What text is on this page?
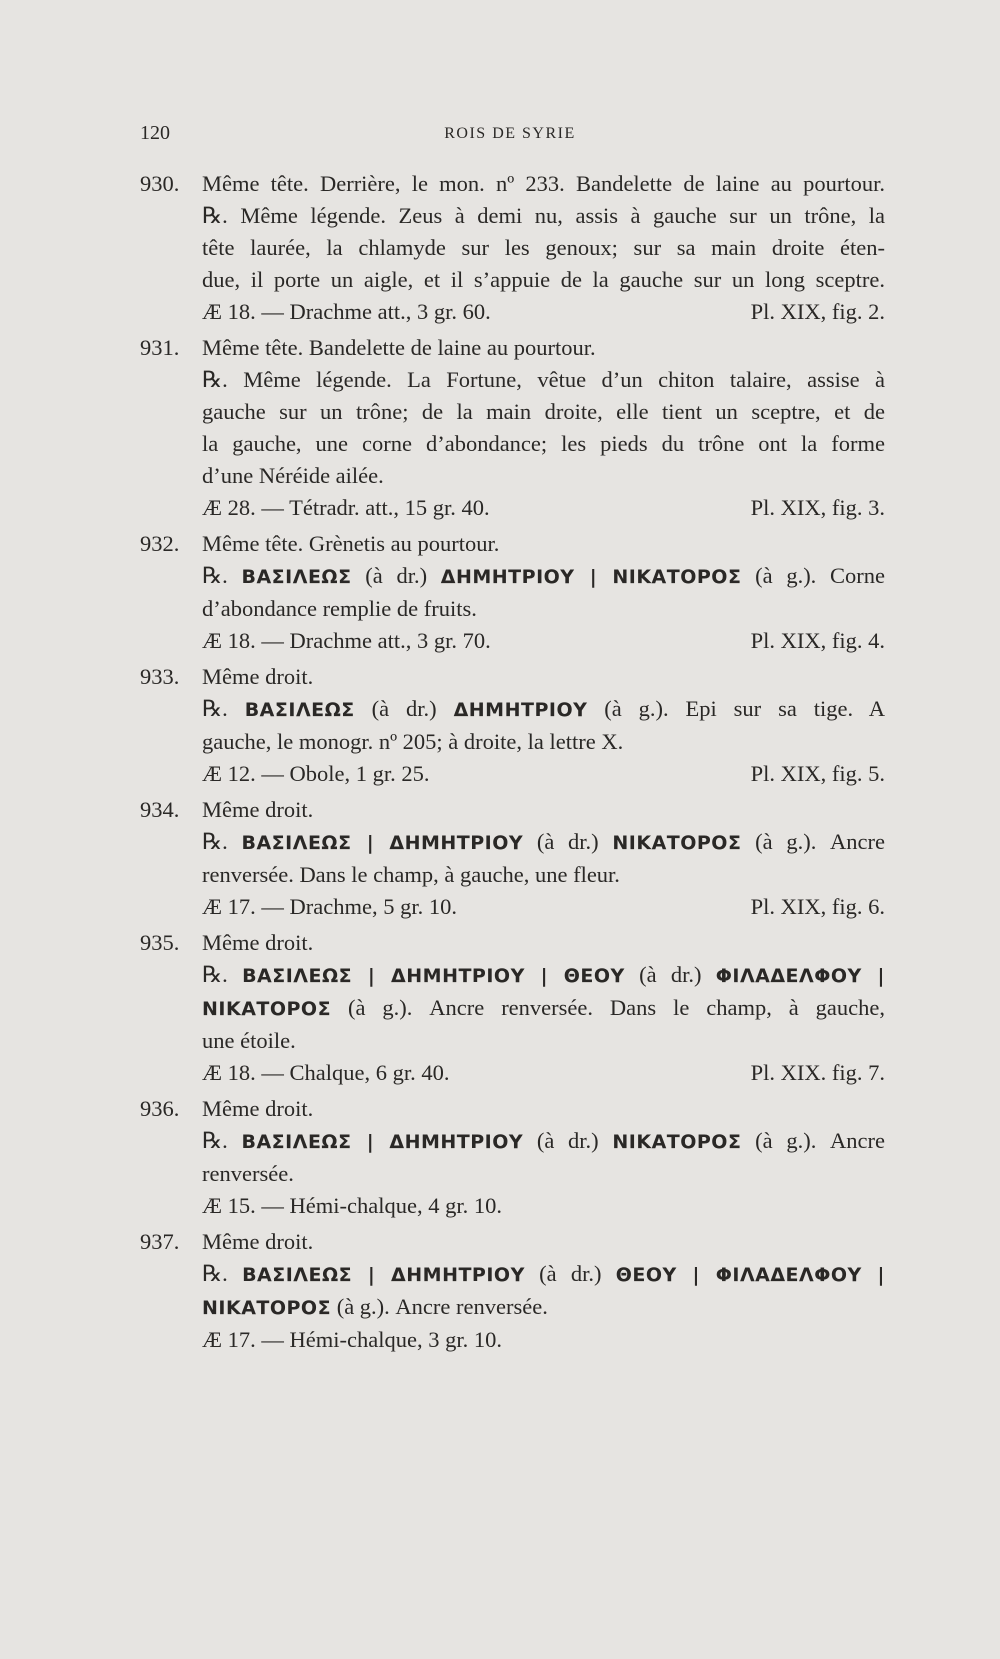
120	ROIS DE SYRIE
930. Même tête. Derrière, le mon. nº 233. Bandelette de laine au pourtour.
℞. Même légende. Zeus à demi nu, assis à gauche sur un trône, la
tête laurée, la chlamyde sur les genoux; sur sa main droite éten-
due, il porte un aigle, et il s’appuie de la gauche sur un long sceptre.
Æ 18. — Drachme att., 3 gr. 60.	Pl. XIX, fig. 2.
931. Même tête. Bandelette de laine au pourtour.
℞. Même légende. La Fortune, vêtue d’un chiton talaire, assise à
gauche sur un trône; de la main droite, elle tient un sceptre, et de
la gauche, une corne d’abondance; les pieds du trône ont la forme
d’une Néréide ailée.
Æ 28. — Tétradr. att., 15 gr. 40.	Pl. XIX, fig. 3.
932. Même tête. Grènetis au pourtour.
℞. ΒΑΣΙΛΕΩΣ (à dr.) ΔΗΜΗΤΡΙΟΥ | ΝΙΚΑΤΟΡΟΣ (à g.). Corne
d’abondance remplie de fruits.
Æ 18. — Drachme att., 3 gr. 70.	Pl. XIX, fig. 4.
933. Même droit.
℞. ΒΑΣΙΛΕΩΣ (à dr.) ΔΗΜΗΤΡΙΟΥ (à g.). Epi sur sa tige. A
gauche, le monogr. nº 205; à droite, la lettre Χ.
Æ 12. — Obole, 1 gr. 25.	Pl. XIX, fig. 5.
934. Même droit.
℞. ΒΑΣΙΛΕΩΣ | ΔΗΜΗΤΡΙΟΥ (à dr.) ΝΙΚΑΤΟΡΟΣ (à g.). Ancre
renversée. Dans le champ, à gauche, une fleur.
Æ 17. — Drachme, 5 gr. 10.	Pl. XIX, fig. 6.
935. Même droit.
℞. ΒΑΣΙΛΕΩΣ | ΔΗΜΗΤΡΙΟΥ | ΘΕΟΥ (à dr.) ΦΙΛΑΔΕΛΦΟΥ |
ΝΙΚΑΤΟΡΟΣ (à g.). Ancre renversée. Dans le champ, à gauche,
une étoile.
Æ 18. — Chalque, 6 gr. 40.	Pl. XIX. fig. 7.
936. Même droit.
℞. ΒΑΣΙΛΕΩΣ | ΔΗΜΗΤΡΙΟΥ (à dr.) ΝΙΚΑΤΟΡΟΣ (à g.). Ancre
renversée.
Æ 15. — Hémi-chalque, 4 gr. 10.
937. Même droit.
℞. ΒΑΣΙΛΕΩΣ | ΔΗΜΗΤΡΙΟΥ (à dr.) ΘΕΟΥ | ΦΙΛΑΔΕΛΦΟΥ |
ΝΙΚΑΤΟΡΟΣ (à g.). Ancre renversée.
Æ 17. — Hémi-chalque, 3 gr. 10.
